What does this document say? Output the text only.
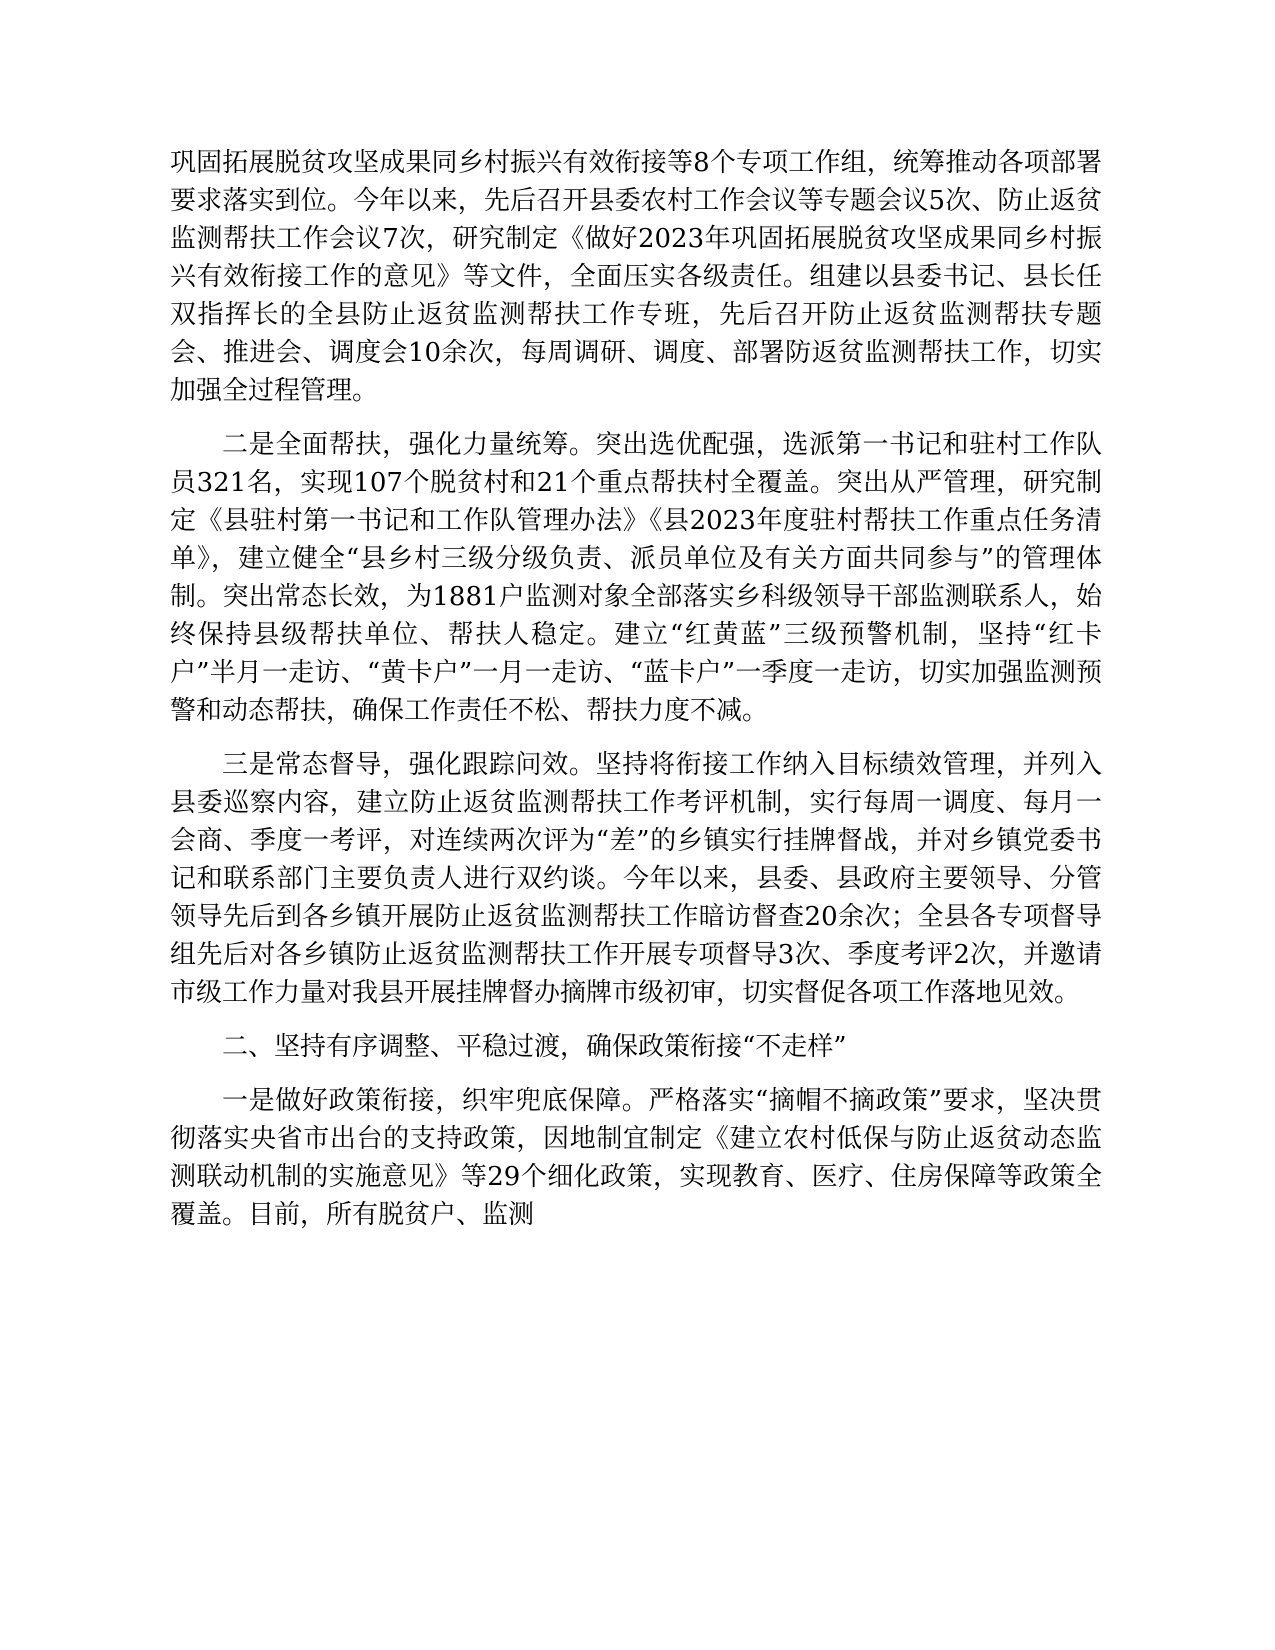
巩固拓展脱贫攻坚成果同乡村振兴有效衔接等8个专项工作组，统筹推动各项部署要求落实到位。今年以来，先后召开县委农村工作会议等专题会议5次、防止返贫监测帮扶工作会议7次，研究制定《做好2023年巩固拓展脱贫攻坚成果同乡村振兴有效衔接工作的意见》等文件，全面压实各级责任。组建以县委书记、县长任双指挥长的全县防止返贫监测帮扶工作专班，先后召开防止返贫监测帮扶专题会、推进会、调度会10余次，每周调研、调度、部署防返贫监测帮扶工作，切实加强全过程管理。

二是全面帮扶，强化力量统筹。突出选优配强，选派第一书记和驻村工作队员321名，实现107个脱贫村和21个重点帮扶村全覆盖。突出从严管理，研究制定《县驻村第一书记和工作队管理办法》《县2023年度驻村帮扶工作重点任务清单》，建立健全“县乡村三级分级负责、派员单位及有关方面共同参与”的管理体制。突出常态长效，为1881户监测对象全部落实乡科级领导干部监测联系人，始终保持县级帮扶单位、帮扶人稳定。建立“红黄蓝”三级预警机制，坚持“红卡户”半月一走访、“黄卡户”一月一走访、“蓝卡户”一季度一走访，切实加强监测预警和动态帮扶，确保工作责任不松、帮扶力度不减。

三是常态督导，强化跟踪问效。坚持将衔接工作纳入目标绩效管理，并列入县委巡察内容，建立防止返贫监测帮扶工作考评机制，实行每周一调度、每月一会商、季度一考评，对连续两次评为“差”的乡镇实行挂牌督战，并对乡镇党委书记和联系部门主要负责人进行双约谈。今年以来，县委、县政府主要领导、分管领导先后到各乡镇开展防止返贫监测帮扶工作暗访督查20余次；全县各专项督导组先后对各乡镇防止返贫监测帮扶工作开展专项督导3次、季度考评2次，并邀请市级工作力量对我县开展挂牌督办摘牌市级初审，切实督促各项工作落地见效。

二、坚持有序调整、平稳过渡，确保政策衔接“不走样”

一是做好政策衔接，织牢兜底保障。严格落实“摘帽不摘政策”要求，坚决贯彻落实央省市出台的支持政策，因地制宜制定《建立农村低保与防止返贫动态监测联动机制的实施意见》等29个细化政策，实现教育、医疗、住房保障等政策全覆盖。目前，所有脱贫户、监测
